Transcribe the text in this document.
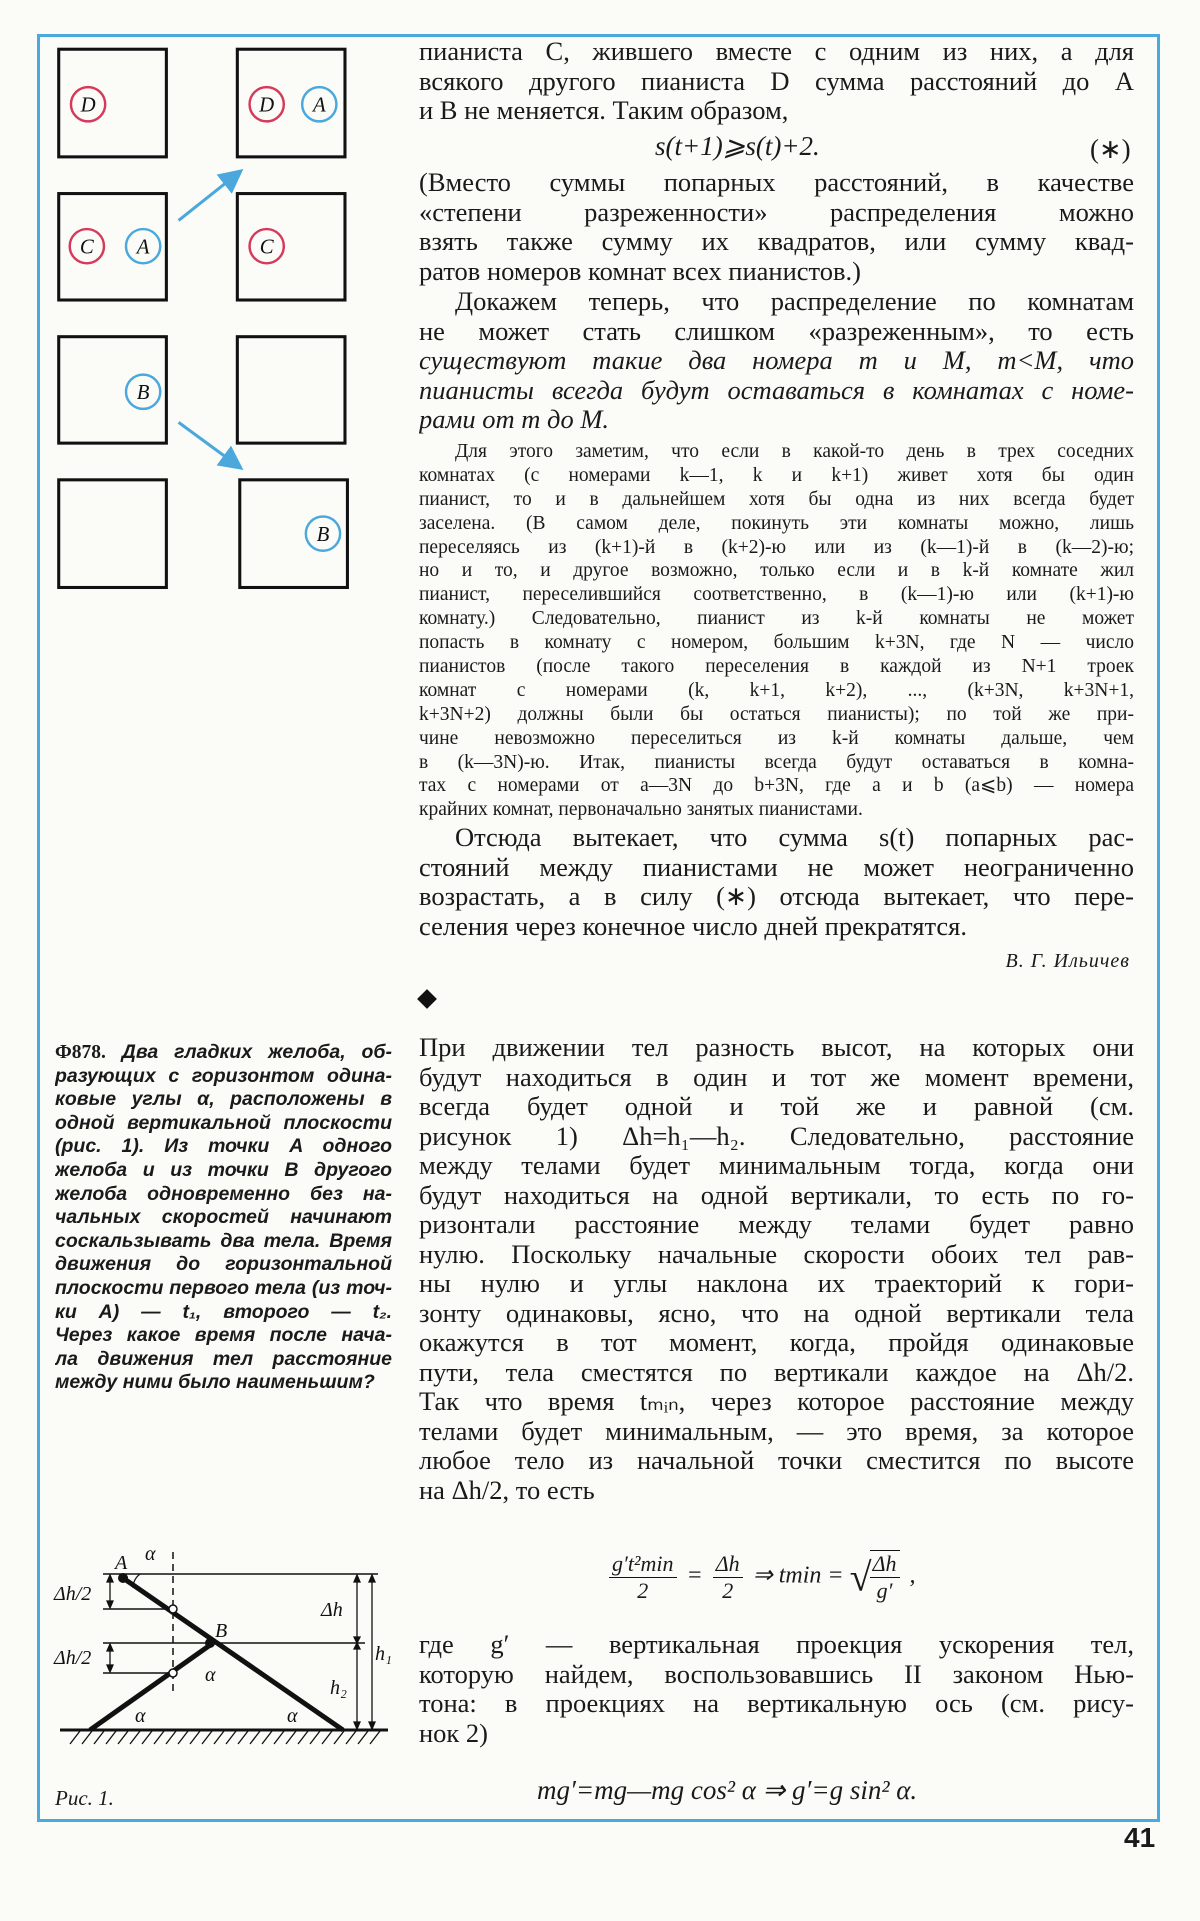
D	D A
C	A	C
B
B
пианиста C, жившего вместе с одним из них, а для
всякого другого пианиста D сумма расстояний до A
и B не меняется. Таким образом,
s(t+1)⩾s(t)+2.	(∗)
(Вместо суммы попарных расстояний, в качестве
«степени разреженности» распределения можно
взять также сумму их квадратов, или сумму квад-
ратов номеров комнат всех пианистов.)
Докажем теперь, что распределение по комнатам
не может стать слишком «разреженным», то есть
существуют такие два номера m и M, m<M, что
пианисты всегда будут оставаться в комнатах с номе-
рами от m до M.
Для этого заметим, что если в какой-то день в трех соседних
комнатах (с номерами k—1, k и k+1) живет хотя бы один
пианист, то и в дальнейшем хотя бы одна из них всегда будет
заселена. (В самом деле, покинуть эти комнаты можно, лишь
переселяясь из (k+1)-й в (k+2)-ю или из (k—1)-й в (k—2)-ю;
но и то, и другое возможно, только если и в k-й комнате жил
пианист, переселившийся соответственно, в (k—1)-ю или (k+1)-ю
комнату.) Следовательно, пианист из k-й комнаты не может
попасть в комнату с номером, большим k+3N, где N — число
пианистов (после такого переселения в каждой из N+1 троек
комнат с номерами (k, k+1, k+2), ..., (k+3N, k+3N+1,
k+3N+2) должны были бы остаться пианисты); по той же при-
чине невозможно переселиться из k-й комнаты дальше, чем
в (k—3N)-ю. Итак, пианисты всегда будут оставаться в комна-
тах с номерами от a—3N до b+3N, где a и b (a⩽b) — номера
крайних комнат, первоначально занятых пианистами.
Отсюда вытекает, что сумма s(t) попарных рас-
стояний между пианистами не может неограниченно
возрастать, а в силу (∗) отсюда вытекает, что пере-
селения через конечное число дней прекратятся.
В. Г. Ильичев
Ф878. Два гладких желоба, об-
разующих с горизонтом одина-
ковые углы α, расположены в
одной вертикальной плоскости
(рис. 1). Из точки A одного
желоба и из точки B другого
желоба одновременно без на-
чальных скоростей начинают
соскальзывать два тела. Время
движения до горизонтальной
плоскости первого тела (из точ-
ки A) — t₁, второго — t₂.
Через какое время после нача-
ла движения тел расстояние
между ними было наименьшим?
При движении тел разность высот, на которых они
будут находиться в один и тот же момент времени,
всегда будет одной и той же и равной (см.
рисунок 1) Δh=h₁—h₂. Следовательно, расстояние
между телами будет минимальным тогда, когда они
будут находиться на одной вертикали, то есть по го-
ризонтали расстояние между телами будет равно
нулю. Поскольку начальные скорости обоих тел рав-
ны нулю и углы наклона их траекторий к гори-
зонту одинаковы, ясно, что на одной вертикали тела
окажутся в тот момент, когда, пройдя одинаковые
пути, тела сместятся по вертикали каждое на Δh/2.
Так что время tₘᵢₙ, через которое расстояние между
телами будет минимальным, — это время, за которое
любое тело из начальной точки сместится по высоте
на Δh/2, то есть
$\frac{\text{g′t²min}}{2} = \frac{\Delta h}{2}$ ⇒ tmin = √
$\frac{\Delta h}{g'}$ ,
где g′ — вертикальная проекция ускорения тел,
которую найдем, воспользовавшись II законом Нью-
тона: в проекциях на вертикальную ось (см. рису-
нок 2)
mg′=mg—mg cos² α ⇒ g′=g sin² α.
A α
B
α
α	α
Δh/2
Δh/2
Δh
h₁
h₂
Рис. 1.
41
